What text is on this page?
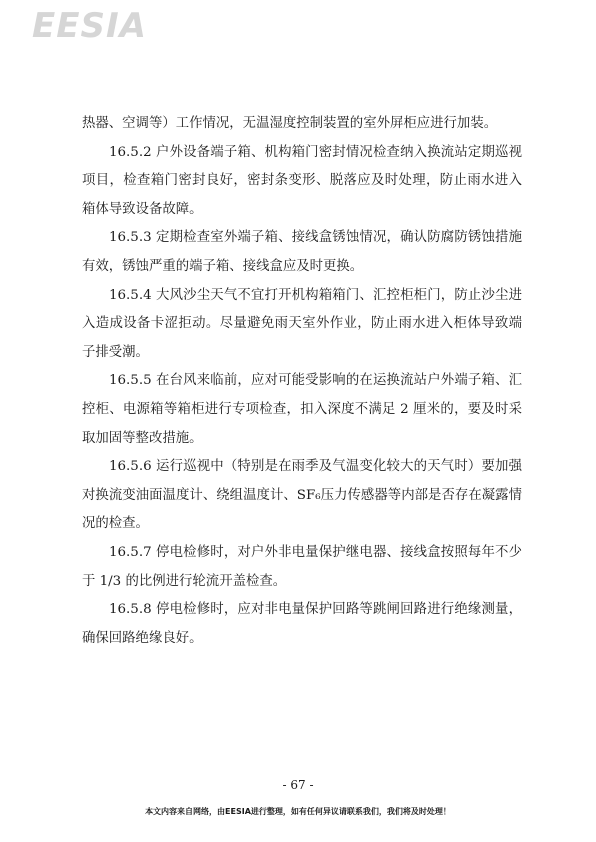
EESIA

热器、空调等）工作情况，无温湿度控制装置的室外屏柜应进行加装。

16.5.2 户外设备端子箱、机构箱门密封情况检查纳入换流站定期巡视项目，检查箱门密封良好，密封条变形、脱落应及时处理，防止雨水进入箱体导致设备故障。

16.5.3 定期检查室外端子箱、接线盒锈蚀情况，确认防腐防锈蚀措施有效，锈蚀严重的端子箱、接线盒应及时更换。

16.5.4 大风沙尘天气不宜打开机构箱箱门、汇控柜柜门，防止沙尘进入造成设备卡涩拒动。尽量避免雨天室外作业，防止雨水进入柜体导致端子排受潮。

16.5.5 在台风来临前，应对可能受影响的在运换流站户外端子箱、汇控柜、电源箱等箱柜进行专项检查，扣入深度不满足 2 厘米的，要及时采取加固等整改措施。

16.5.6 运行巡视中（特别是在雨季及气温变化较大的天气时）要加强对换流变油面温度计、绕组温度计、SF₆压力传感器等内部是否存在凝露情况的检查。

16.5.7 停电检修时，对户外非电量保护继电器、接线盒按照每年不少于 1/3 的比例进行轮流开盖检查。

16.5.8 停电检修时，应对非电量保护回路等跳闸回路进行绝缘测量，确保回路绝缘良好。

- 67 -
本文内容来自网络，由EESIA进行整理，如有任何异议请联系我们，我们将及时处理！
